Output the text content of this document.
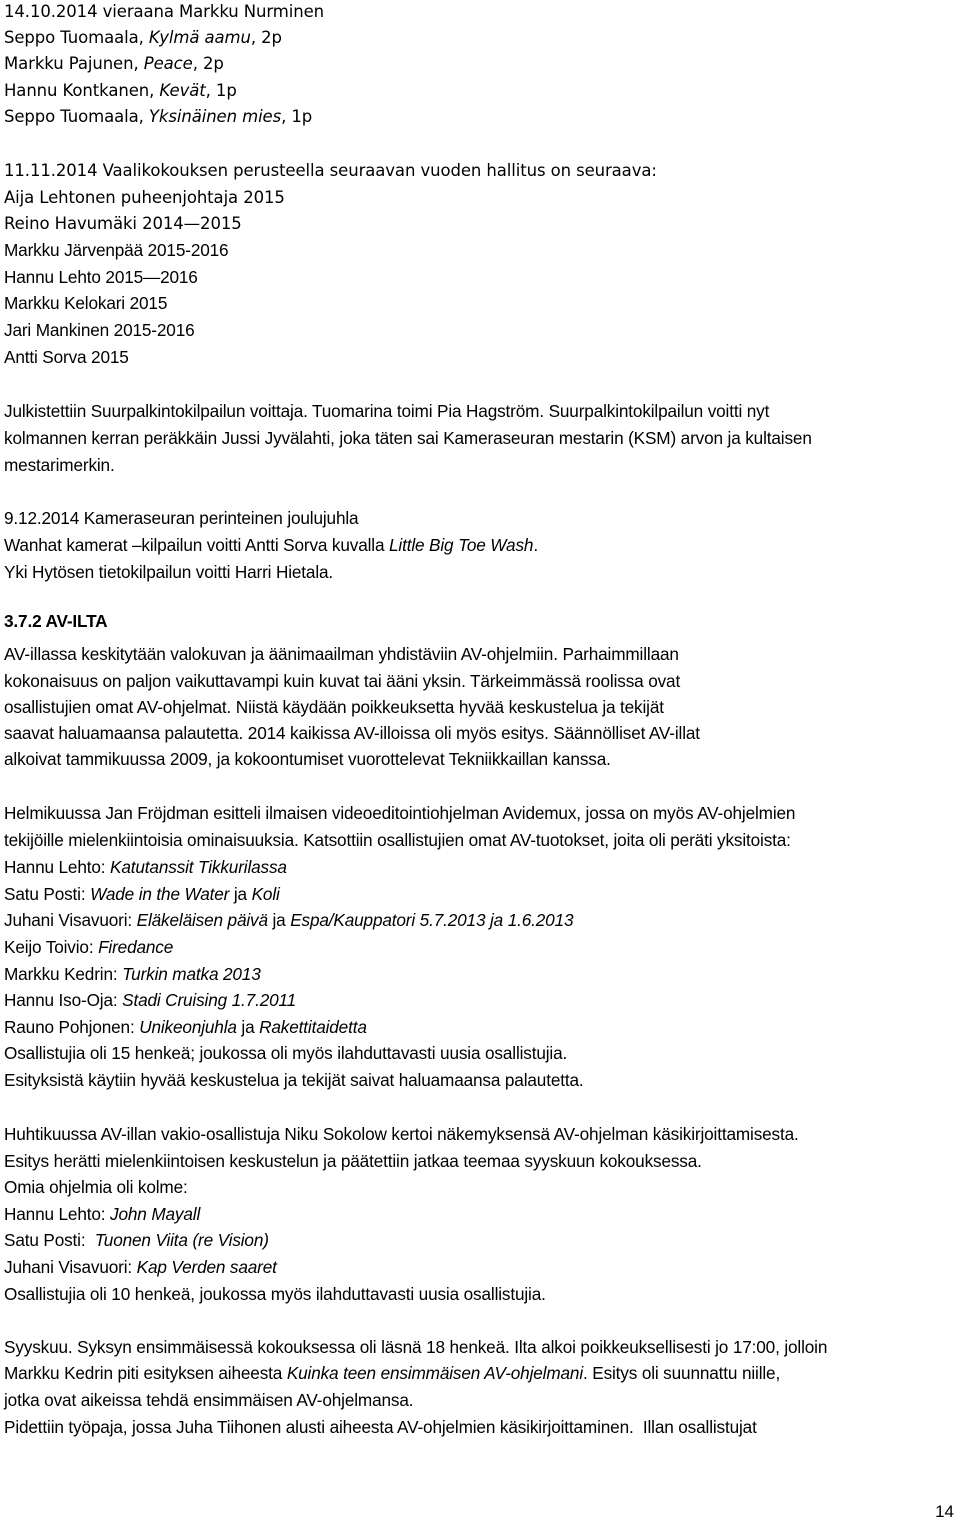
14.10.2014 vieraana Markku Nurminen
Seppo Tuomaala, Kylmä aamu, 2p
Markku Pajunen, Peace, 2p
Hannu Kontkanen, Kevät, 1p
Seppo Tuomaala, Yksinäinen mies, 1p
11.11.2014 Vaalikokouksen perusteella seuraavan vuoden hallitus on seuraava:
Aija Lehtonen puheenjohtaja 2015
Reino Havumäki 2014—2015
Markku Järvenpää 2015-2016
Hannu Lehto 2015—2016
Markku Kelokari 2015
Jari Mankinen 2015-2016
Antti Sorva 2015
Julkistettiin Suurpalkintokilpailun voittaja. Tuomarina toimi Pia Hagström. Suurpalkintokilpailun voitti nyt
kolmannen kerran peräkkäin Jussi Jyvälahti, joka täten sai Kameraseuran mestarin (KSM) arvon ja kultaisen
mestarimerkin.
9.12.2014 Kameraseuran perinteinen joulujuhla
Wanhat kamerat –kilpailun voitti Antti Sorva kuvalla Little Big Toe Wash.
Yki Hytösen tietokilpailun voitti Harri Hietala.
3.7.2 AV-ILTA
AV-illassa keskitytään valokuvan ja äänimaailman yhdistäviin AV-ohjelmiin. Parhaimmillaan
kokonaisuus on paljon vaikuttavampi kuin kuvat tai ääni yksin. Tärkeimmässä roolissa ovat
osallistujien omat AV-ohjelmat. Niistä käydään poikkeuksetta hyvää keskustelua ja tekijät
saavat haluamaansa palautetta. 2014 kaikissa AV-illoissa oli myös esitys. Säännölliset AV-illat
alkoivat tammikuussa 2009, ja kokoontumiset vuorottelevat Tekniikkaillan kanssa.
Helmikuussa Jan Fröjdman esitteli ilmaisen videoeditointiohjelman Avidemux, jossa on myös AV-ohjelmien
tekijöille mielenkiintoisia ominaisuuksia. Katsottiin osallistujien omat AV-tuotokset, joita oli peräti yksitoista:
Hannu Lehto: Katutanssit Tikkurilassa
Satu Posti: Wade in the Water ja Koli
Juhani Visavuori: Eläkeläisen päivä ja Espa/Kauppatori 5.7.2013 ja 1.6.2013
Keijo Toivio: Firedance
Markku Kedrin: Turkin matka 2013
Hannu Iso-Oja: Stadi Cruising 1.7.2011
Rauno Pohjonen: Unikeonjuhla ja Rakettitaidetta
Osallistujia oli 15 henkeä; joukossa oli myös ilahduttavasti uusia osallistujia.
Esityksistä käytiin hyvää keskustelua ja tekijät saivat haluamaansa palautetta.
Huhtikuussa AV-illan vakio-osallistuja Niku Sokolow kertoi näkemyksensä AV-ohjelman käsikirjoittamisesta.
Esitys herätti mielenkiintoisen keskustelun ja päätettiin jatkaa teemaa syyskuun kokouksessa.
Omia ohjelmia oli kolme:
Hannu Lehto: John Mayall
Satu Posti:  Tuonen Viita (re Vision)
Juhani Visavuori: Kap Verden saaret
Osallistujia oli 10 henkeä, joukossa myös ilahduttavasti uusia osallistujia.
Syyskuu. Syksyn ensimmäisessä kokouksessa oli läsnä 18 henkeä. Ilta alkoi poikkeuksellisesti jo 17:00, jolloin
Markku Kedrin piti esityksen aiheesta Kuinka teen ensimmäisen AV-ohjelmani. Esitys oli suunnattu niille,
jotka ovat aikeissa tehdä ensimmäisen AV-ohjelmansa.
Pidettiin työpaja, jossa Juha Tiihonen alusti aiheesta AV-ohjelmien käsikirjoittaminen.  Illan osallistujat
14
